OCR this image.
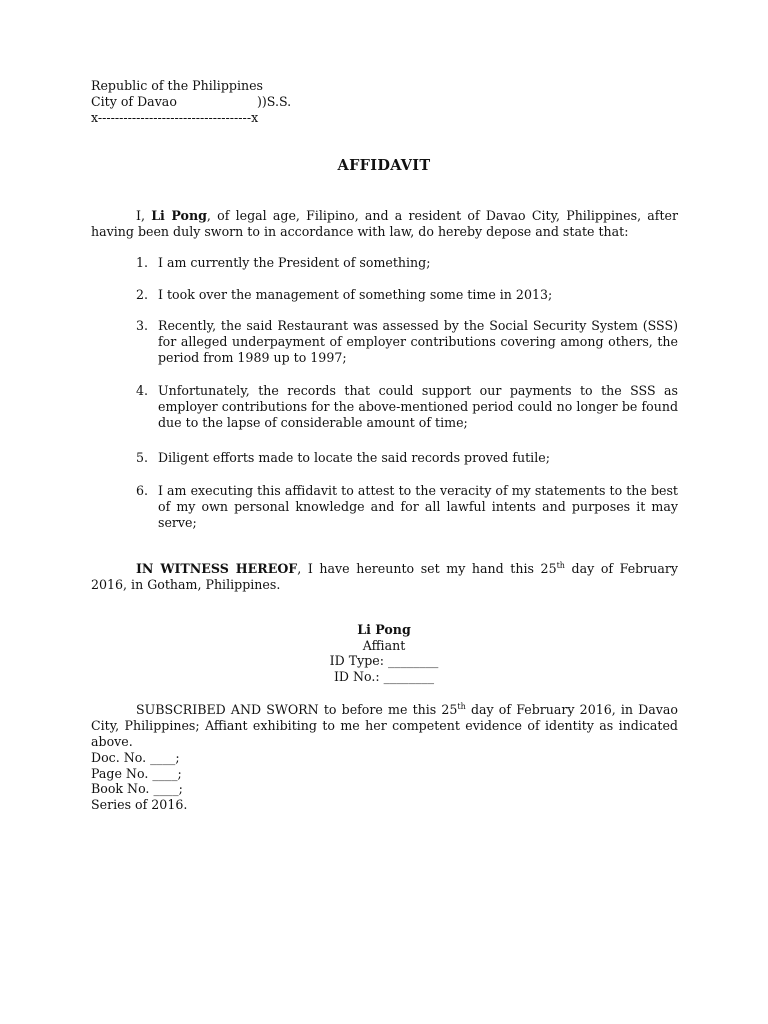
Republic of the Philippines
City of Davao                    ))S.S.
x------------------------------------x
AFFIDAVIT
I, Li Pong, of legal age, Filipino, and a resident of Davao City, Philippines, after having been duly sworn to in accordance with law, do hereby depose and state that:
1. I am currently the President of something;
2. I took over the management of something some time in 2013;
3. Recently, the said Restaurant was assessed by the Social Security System (SSS) for alleged underpayment of employer contributions covering among others, the period from 1989 up to 1997;
4. Unfortunately, the records that could support our payments to the SSS as employer contributions for the above-mentioned period could no longer be found due to the lapse of considerable amount of time;
5. Diligent efforts made to locate the said records proved futile;
6. I am executing this affidavit to attest to the veracity of my statements to the best of my own personal knowledge and for all lawful intents and purposes it may serve;
IN WITNESS HEREOF, I have hereunto set my hand this 25th day of February 2016, in Gotham, Philippines.
Li Pong
Affiant
ID Type: ________
ID No.: ________
SUBSCRIBED AND SWORN to before me this 25th day of February 2016, in Davao City, Philippines; Affiant exhibiting to me her competent evidence of identity as indicated above.
Doc. No. ____;
Page No. ____;
Book No. ____;
Series of 2016.
